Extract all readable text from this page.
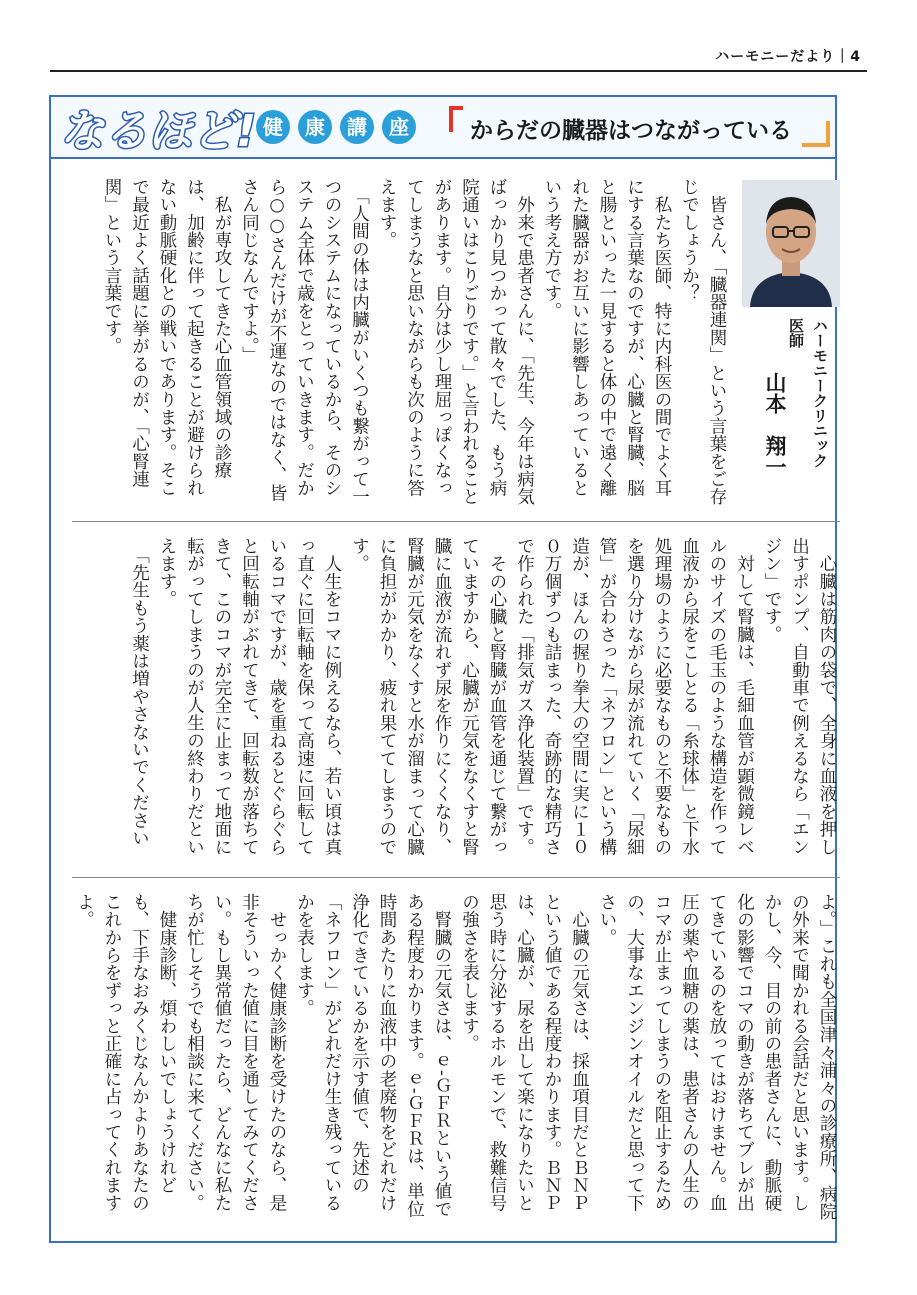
ハーモニーだより｜4
なるほど! 健	康	講	座	からだの臓器はつながっている
ハーモニークリニック
医師
山本　翔一
　皆さん、「臓器連関」という言葉をご存じでしょうか？
　私たち医師、特に内科医の間でよく耳にする言葉なのですが、心臓と腎臓、脳と腸といった一見すると体の中で遠く離れた臓器がお互いに影響しあっているという考え方です。
　外来で患者さんに、「先生、今年は病気ばっかり見つかって散々でした、もう病院通いはこりごりです。」と言われることがあります。自分は少し理屈っぽくなってしまうなと思いながらも次のように答えます。
　「人間の体は内臓がいくつも繋がって一つのシステムになっているから、そのシステム全体で歳をとっていきます。だから○○さんだけが不運なのではなく、皆さん同じなんですよ。」
　私が専攻してきた心血管領域の診療は、加齢に伴って起きることが避けられない動脈硬化との戦いであります。そこで最近よく話題に挙がるのが、「心腎連関」という言葉です。
　心臓は筋肉の袋で、全身に血液を押し出すポンプ、自動車で例えるなら「エンジン」です。
　対して腎臓は、毛細血管が顕微鏡レベルのサイズの毛玉のような構造を作って血液から尿をこしとる「糸球体」と下水処理場のように必要なものと不要なものを選り分けながら尿が流れていく「尿細管」が合わさった「ネフロン」という構造が、ほんの握り拳大の空間に実に１００万個ずつも詰まった、奇跡的な精巧さで作られた「排気ガス浄化装置」です。
　その心臓と腎臓が血管を通じて繋がっていますから、心臓が元気をなくすと腎臓に血液が流れず尿を作りにくくなり、腎臓が元気をなくすと水が溜まって心臓に負担がかかり、疲れ果ててしまうのです。
　人生をコマに例えるなら、若い頃は真っ直ぐに回転軸を保って高速に回転しているコマですが、歳を重ねるとぐらぐらと回転軸がぶれてきて、回転数が落ちてきて、このコマが完全に止まって地面に転がってしまうのが人生の終わりだといえます。
　「先生もう薬は増やさないでください
よ。」これも全国津々浦々の診療所、病院の外来で聞かれる会話だと思います。しかし、今、目の前の患者さんに、動脈硬化の影響でコマの動きが落ちてブレが出てきているのを放ってはおけません。血圧の薬や血糖の薬は、患者さんの人生のコマが止まってしまうのを阻止するための、大事なエンジンオイルだと思って下さい。
　心臓の元気さは、採血項目だとＢＮＰという値である程度わかります。ＢＮＰは、心臓が、尿を出して楽になりたいと思う時に分泌するホルモンで、救難信号の強さを表します。
　腎臓の元気さは、ｅ-ＧＦＲという値である程度わかります。ｅ-ＧＦＲは、単位時間あたりに血液中の老廃物をどれだけ浄化できているかを示す値で、先述の「ネフロン」がどれだけ生き残っているかを表します。
　せっかく健康診断を受けたのなら、是非そういった値に目を通してみてください。もし異常値だったら、どんなに私たちが忙しそうでも相談に来てください。
　健康診断、煩わしいでしょうけれども、下手なおみくじなんかよりあなたのこれからをずっと正確に占ってくれますよ。
